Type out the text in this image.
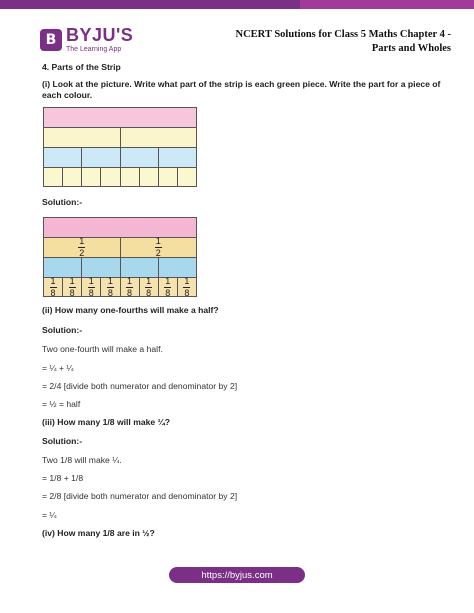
B BYJU'S
The Learning App
NCERT Solutions for Class 5 Maths Chapter 4 -
Parts and Wholes
4. Parts of the Strip
(i) Look at the picture. Write what part of the strip is each green piece. Write the part for a piece of each colour.
Solution:-
$\frac{1}{2}$	$\frac{1}{2}$
$\frac{1}{8} \frac{1}{8} \frac{1}{8} \frac{1}{8} \frac{1}{8} \frac{1}{8} \frac{1}{8} \frac{1}{8}$
(ii) How many one-fourths will make a half?
Solution:-
Two one-fourth will make a half.
= ¼ + ¼
= 2/4 [divide both numerator and denominator by 2]
= ½ = half
(iii) How many 1/8 will make ¼?
Solution:-
Two 1/8 will make ¼.
= 1/8 + 1/8
= 2/8 [divide both numerator and denominator by 2]
= ¼
(iv) How many 1/8 are in ½?
https://byjus.com
